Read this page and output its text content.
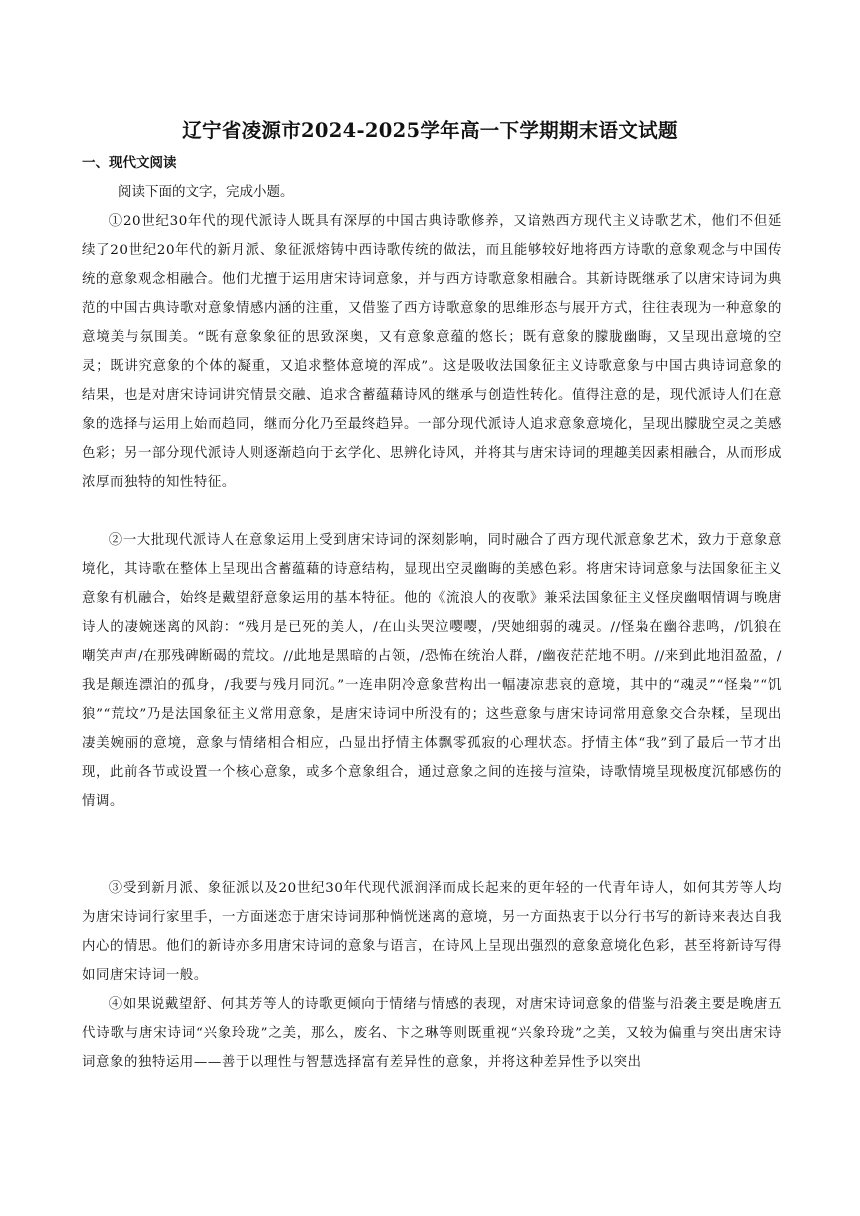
辽宁省凌源市2024-2025学年高一下学期期末语文试题
一、现代文阅读

阅读下面的文字，完成小题。

①20世纪30年代的现代派诗人既具有深厚的中国古典诗歌修养，又谙熟西方现代主义诗歌艺术，他们不但延续了20世纪20年代的新月派、象征派熔铸中西诗歌传统的做法，而且能够较好地将西方诗歌的意象观念与中国传统的意象观念相融合。他们尤擅于运用唐宋诗词意象，并与西方诗歌意象相融合。其新诗既继承了以唐宋诗词为典范的中国古典诗歌对意象情感内涵的注重，又借鉴了西方诗歌意象的思维形态与展开方式，往往表现为一种意象的意境美与氛围美。“既有意象象征的思致深奥，又有意象意蕴的悠长；既有意象的朦胧幽晦，又呈现出意境的空灵；既讲究意象的个体的凝重，又追求整体意境的浑成”。这是吸收法国象征主义诗歌意象与中国古典诗词意象的结果，也是对唐宋诗词讲究情景交融、追求含蓄蕴藉诗风的继承与创造性转化。值得注意的是，现代派诗人们在意象的选择与运用上始而趋同，继而分化乃至最终趋异。一部分现代派诗人追求意象意境化，呈现出朦胧空灵之美感色彩；另一部分现代派诗人则逐渐趋向于玄学化、思辨化诗风，并将其与唐宋诗词的理趣美因素相融合，从而形成浓厚而独特的知性特征。

②一大批现代派诗人在意象运用上受到唐宋诗词的深刻影响，同时融合了西方现代派意象艺术，致力于意象意境化，其诗歌在整体上呈现出含蓄蕴藉的诗意结构，显现出空灵幽晦的美感色彩。将唐宋诗词意象与法国象征主义意象有机融合，始终是戴望舒意象运用的基本特征。他的《流浪人的夜歌》兼采法国象征主义怪戾幽咽情调与晚唐诗人的凄婉迷离的风韵：“残月是已死的美人，/在山头哭泣嘤嘤，/哭她细弱的魂灵。//怪枭在幽谷悲鸣，/饥狼在嘲笑声声/在那残碑断碣的荒坟。//此地是黑暗的占领，/恐怖在统治人群，/幽夜茫茫地不明。//来到此地泪盈盈，/我是颠连漂泊的孤身，/我要与残月同沉。”一连串阴冷意象营构出一幅凄凉悲哀的意境，其中的“魂灵”“怪枭”“饥狼”“荒坟”乃是法国象征主义常用意象，是唐宋诗词中所没有的；这些意象与唐宋诗词常用意象交合杂糅，呈现出凄美婉丽的意境，意象与情绪相合相应，凸显出抒情主体飘零孤寂的心理状态。抒情主体“我”到了最后一节才出现，此前各节或设置一个核心意象，或多个意象组合，通过意象之间的连接与渲染，诗歌情境呈现极度沉郁感伤的情调。

③受到新月派、象征派以及20世纪30年代现代派润泽而成长起来的更年轻的一代青年诗人，如何其芳等人均为唐宋诗词行家里手，一方面迷恋于唐宋诗词那种惝恍迷离的意境，另一方面热衷于以分行书写的新诗来表达自我内心的情思。他们的新诗亦多用唐宋诗词的意象与语言，在诗风上呈现出强烈的意象意境化色彩，甚至将新诗写得如同唐宋诗词一般。

④如果说戴望舒、何其芳等人的诗歌更倾向于情绪与情感的表现，对唐宋诗词意象的借鉴与沿袭主要是晚唐五代诗歌与唐宋诗词“兴象玲珑”之美，那么，废名、卞之琳等则既重视“兴象玲珑”之美，又较为偏重与突出唐宋诗词意象的独特运用——善于以理性与智慧选择富有差异性的意象，并将这种差异性予以突出
